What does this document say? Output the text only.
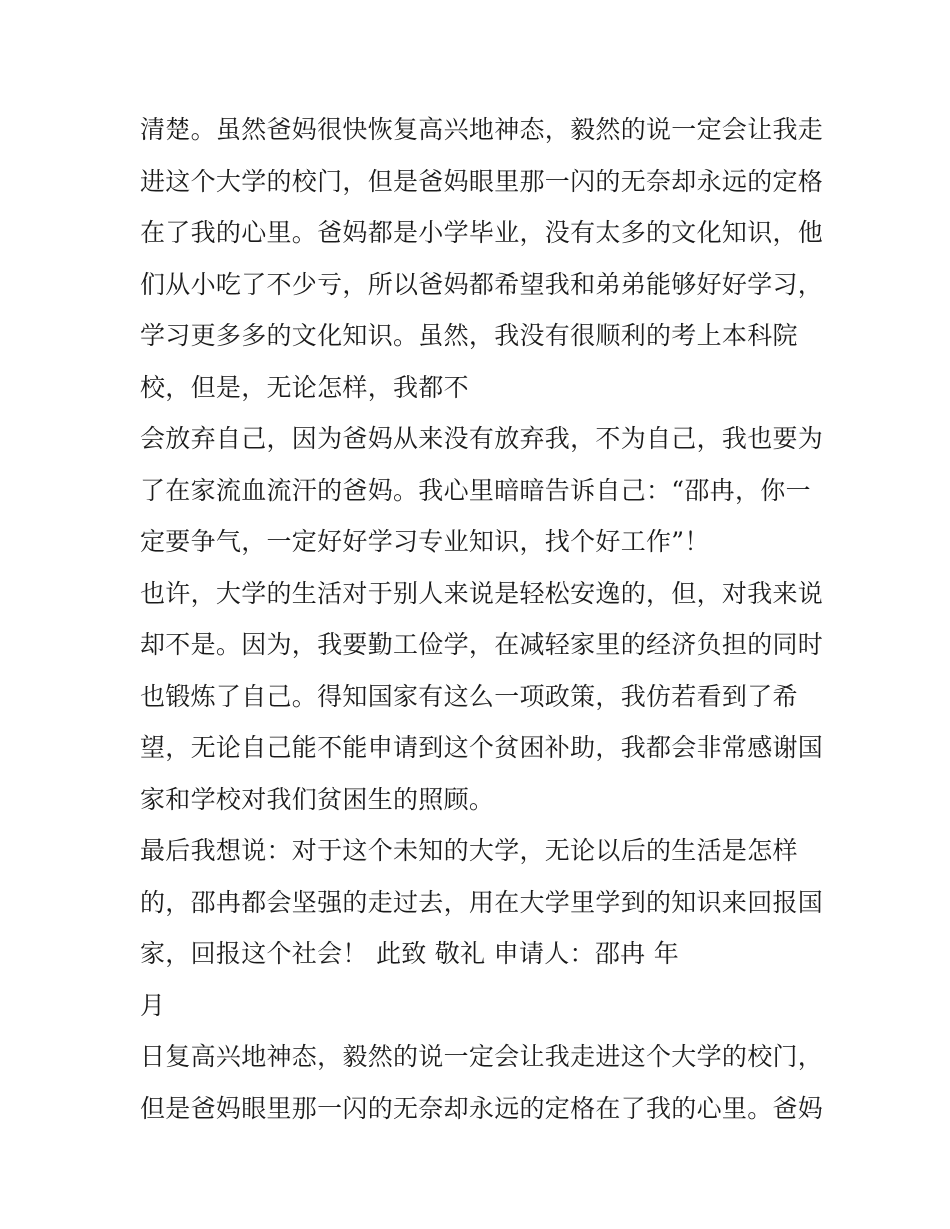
清楚。虽然爸妈很快恢复高兴地神态，毅然的说一定会让我走
进这个大学的校门，但是爸妈眼里那一闪的无奈却永远的定格
在了我的心里。爸妈都是小学毕业，没有太多的文化知识，他
们从小吃了不少亏，所以爸妈都希望我和弟弟能够好好学习，
学习更多多的文化知识。虽然，我没有很顺利的考上本科院
校，但是，无论怎样，我都不
会放弃自己，因为爸妈从来没有放弃我，不为自己，我也要为
了在家流血流汗的爸妈。我心里暗暗告诉自己：“邵冉，你一
定要争气，一定好好学习专业知识，找个好工作”！
也许，大学的生活对于别人来说是轻松安逸的，但，对我来说
却不是。因为，我要勤工俭学，在减轻家里的经济负担的同时
也锻炼了自己。得知国家有这么一项政策，我仿若看到了希
望，无论自己能不能申请到这个贫困补助，我都会非常感谢国
家和学校对我们贫困生的照顾。
最后我想说：对于这个未知的大学，无论以后的生活是怎样
的，邵冉都会坚强的走过去，用在大学里学到的知识来回报国
家，回报这个社会！ 此致 敬礼 申请人：邵冉 年
月
日复高兴地神态，毅然的说一定会让我走进这个大学的校门，
但是爸妈眼里那一闪的无奈却永远的定格在了我的心里。爸妈
